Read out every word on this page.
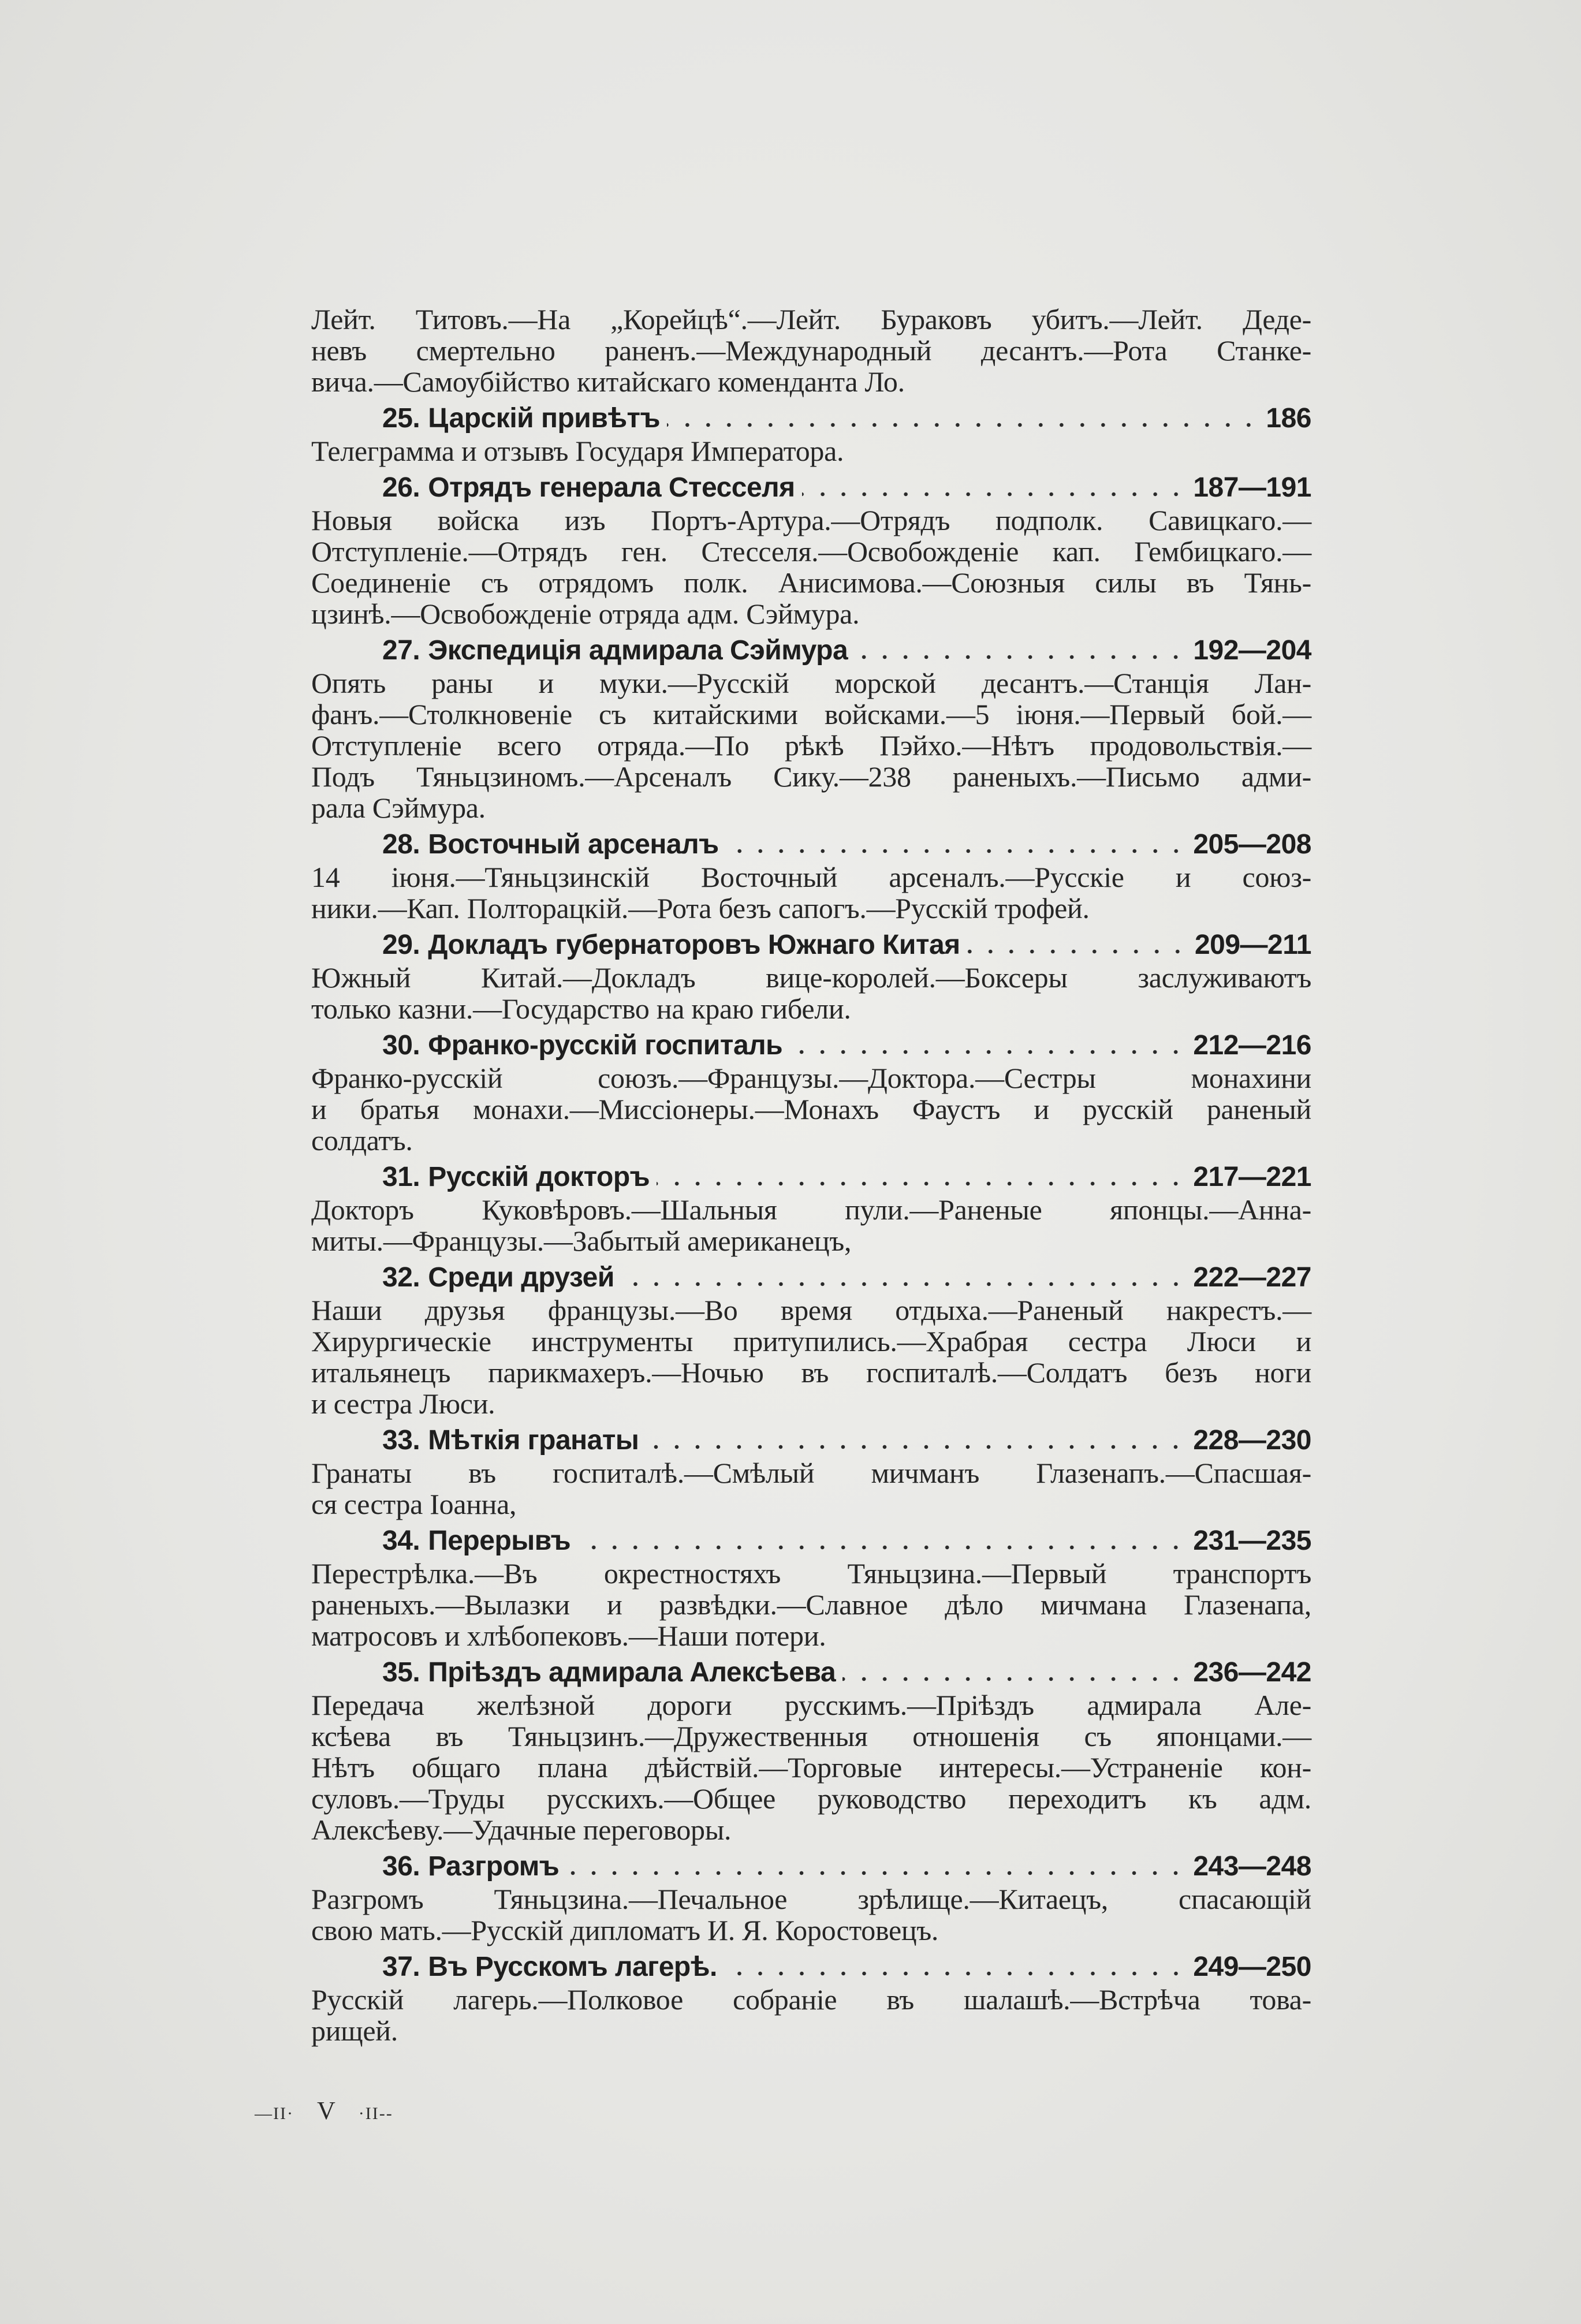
Лейт. Титовъ.—На „Корейцѣ“.—Лейт. Бураковъ убитъ.—Лейт. Деде-
невъ смертельно раненъ.—Международный десантъ.—Рота Станке-
вича.—Самоубійство китайскаго коменданта Ло.
25. Царскій привѣтъ	186
Телеграмма и отзывъ Государя Императора.
26. Отрядъ генерала Стесселя	187—191
Новыя войска изъ Портъ-Артура.—Отрядъ подполк. Савицкаго.—
Отступленіе.—Отрядъ ген. Стесселя.—Освобожденіе кап. Гембицкаго.—
Соединеніе съ отрядомъ полк. Анисимова.—Союзныя силы въ Тянь-
цзинѣ.—Освобожденіе отряда адм. Сэймура.
27. Экспедиція адмирала Сэймура	192—204
Опять раны и муки.—Русскій морской десантъ.—Станція Лан-
фанъ.—Столкновеніе съ китайскими войсками.—5 іюня.—Первый бой.—
Отступленіе всего отряда.—По рѣкѣ Пэйхо.—Нѣтъ продовольствія.—
Подъ Тяньцзиномъ.—Арсеналъ Сику.—238 раненыхъ.—Письмо адми-
рала Сэймура.
28. Восточный арсеналъ	205—208
14 іюня.—Тяньцзинскій Восточный арсеналъ.—Русскіе и союз-
ники.—Кап. Полторацкій.—Рота безъ сапогъ.—Русскій трофей.
29. Докладъ губернаторовъ Южнаго Китая	209—211
Южный Китай.—Докладъ вице-королей.—Боксеры заслуживаютъ
только казни.—Государство на краю гибели.
30. Франко-русскій госпиталь	212—216
Франко-русскій союзъ.—Французы.—Доктора.—Сестры монахини
и братья монахи.—Миссіонеры.—Монахъ Фаустъ и русскій раненый
солдатъ.
31. Русскій докторъ	217—221
Докторъ Куковѣровъ.—Шальныя пули.—Раненые японцы.—Анна-
миты.—Французы.—Забытый американецъ,
32. Среди друзей	222—227
Наши друзья французы.—Во время отдыха.—Раненый накрестъ.—
Хирургическіе инструменты притупились.—Храбрая сестра Люси и
итальянецъ парикмахеръ.—Ночью въ госпиталѣ.—Солдатъ безъ ноги
и сестра Люси.
33. Мѣткія гранаты	228—230
Гранаты въ госпиталѣ.—Смѣлый мичманъ Глазенапъ.—Спасшая-
ся сестра Іоанна,
34. Перерывъ	231—235
Перестрѣлка.—Въ окрестностяхъ Тяньцзина.—Первый транспортъ
раненыхъ.—Вылазки и развѣдки.—Славное дѣло мичмана Глазенапа,
матросовъ и хлѣбопековъ.—Наши потери.
35. Пріѣздъ адмирала Алексѣева	236—242
Передача желѣзной дороги русскимъ.—Пріѣздъ адмирала Але-
ксѣева въ Тяньцзинъ.—Дружественныя отношенія съ японцами.—
Нѣтъ общаго плана дѣйствій.—Торговые интересы.—Устраненіе кон-
суловъ.—Труды русскихъ.—Общее руководство переходитъ къ адм.
Алексѣеву.—Удачные переговоры.
36. Разгромъ	243—248
Разгромъ Тяньцзина.—Печальное зрѣлище.—Китаецъ, спасающій
свою мать.—Русскій дипломатъ И. Я. Коростовецъ.
37. Въ Русскомъ лагерѣ.	249—250
Русскій лагерь.—Полковое собраніе въ шалашѣ.—Встрѣча това-
рищей.
—II· V ·II--
